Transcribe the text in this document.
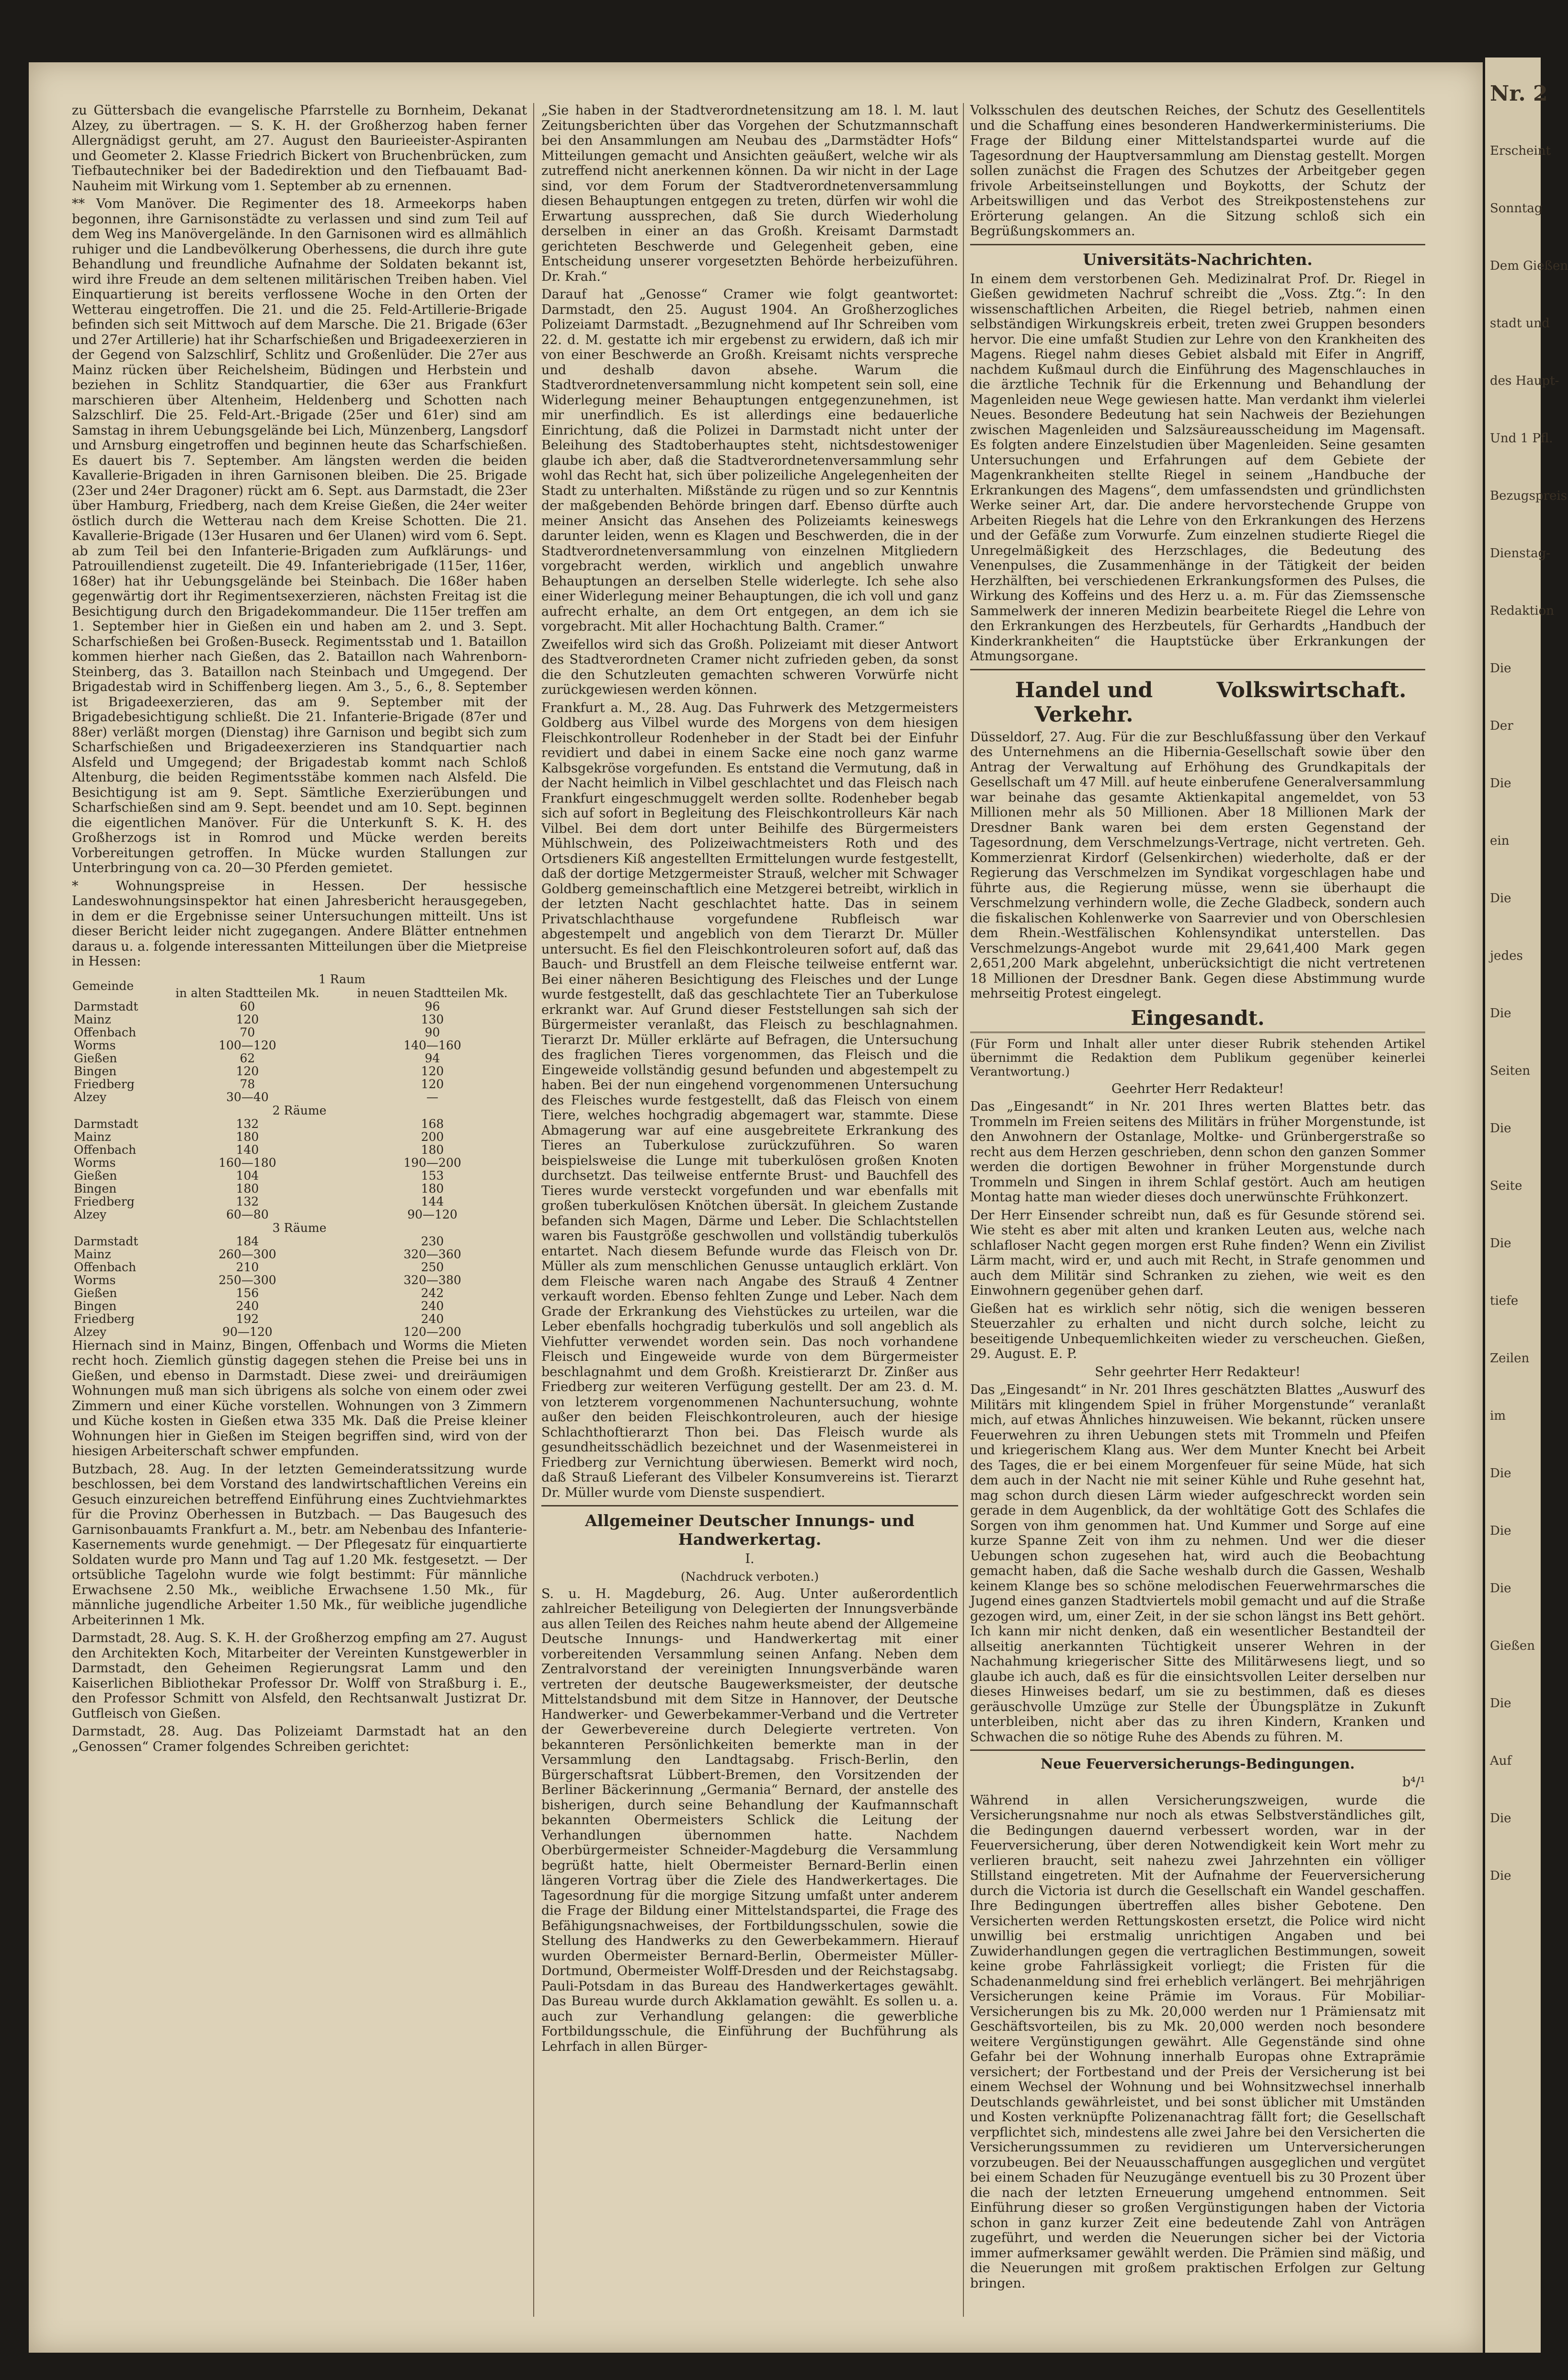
zu Güttersbach die evangelische Pfarrstelle zu Bornheim, Dekanat Alzey, zu übertragen. — S. K. H. der Großherzog haben ferner Allergnädigst geruht, am 27. August den Baurieeister-Aspiranten und Geometer 2. Klasse Friedrich Bickert von Bruchenbrücken, zum Tiefbautechniker bei der Badedirektion und den Tiefbauamt Bad-Nauheim mit Wirkung vom 1. September ab zu ernennen.

** Vom Manöver. Die Regimenter des 18. Armeekorps haben begonnen, ihre Garnisonstädte zu verlassen und sind zum Teil auf dem Weg ins Manövergelände. In den Garnisonen wird es allmählich ruhiger und die Landbevölkerung Oberhessens, die durch ihre gute Behandlung und freundliche Aufnahme der Soldaten bekannt ist, wird ihre Freude an dem seltenen militärischen Treiben haben. Viel Einquartierung ist bereits verflossene Woche in den Orten der Wetterau eingetroffen. Die 21. und die 25. Feld-Artillerie-Brigade befinden sich seit Mittwoch auf dem Marsche. Die 21. Brigade (63er und 27er Artillerie) hat ihr Scharfschießen und Brigadeexerzieren in der Gegend von Salzschlirf, Schlitz und Großenlüder. Die 27er aus Mainz rücken über Reichelsheim, Büdingen und Herbstein und beziehen in Schlitz Standquartier, die 63er aus Frankfurt marschieren über Altenheim, Heldenberg und Schotten nach Salzschlirf. Die 25. Feld-Art.-Brigade (25er und 61er) sind am Samstag in ihrem Uebungsgelände bei Lich, Münzenberg, Langsdorf und Arnsburg eingetroffen und beginnen heute das Scharfschießen. Es dauert bis 7. September. Am längsten werden die beiden Kavallerie-Brigaden in ihren Garnisonen bleiben. Die 25. Brigade (23er und 24er Dragoner) rückt am 6. Sept. aus Darmstadt, die 23er über Hamburg, Friedberg, nach dem Kreise Gießen, die 24er weiter östlich durch die Wetterau nach dem Kreise Schotten. Die 21. Kavallerie-Brigade (13er Husaren und 6er Ulanen) wird vom 6. Sept. ab zum Teil bei den Infanterie-Brigaden zum Aufklärungs- und Patrouillendienst zugeteilt. Die 49. Infanteriebrigade (115er, 116er, 168er) hat ihr Uebungsgelände bei Steinbach. Die 168er haben gegenwärtig dort ihr Regimentsexerzieren, nächsten Freitag ist die Besichtigung durch den Brigadekommandeur. Die 115er treffen am 1. September hier in Gießen ein und haben am 2. und 3. Sept. Scharfschießen bei Großen-Buseck. Regimentsstab und 1. Bataillon kommen hierher nach Gießen, das 2. Bataillon nach Wahrenborn-Steinberg, das 3. Bataillon nach Steinbach und Umgegend. Der Brigadestab wird in Schiffenberg liegen. Am 3., 5., 6., 8. September ist Brigadeexerzieren, das am 9. September mit der Brigadebesichtigung schließt. Die 21. Infanterie-Brigade (87er und 88er) verläßt morgen (Dienstag) ihre Garnison und begibt sich zum Scharfschießen und Brigadeexerzieren ins Standquartier nach Alsfeld und Umgegend; der Brigadestab kommt nach Schloß Altenburg, die beiden Regimentsstäbe kommen nach Alsfeld. Die Besichtigung ist am 9. Sept. Sämtliche Exerzierübungen und Scharfschießen sind am 9. Sept. beendet und am 10. Sept. beginnen die eigentlichen Manöver. Für die Unterkunft S. K. H. des Großherzogs ist in Romrod und Mücke werden bereits Vorbereitungen getroffen. In Mücke wurden Stallungen zur Unterbringung von ca. 20—30 Pferden gemietet.

* Wohnungspreise in Hessen. Der hessische Landeswohnungsinspektor hat einen Jahresbericht herausgegeben, in dem er die Ergebnisse seiner Untersuchungen mitteilt. Uns ist dieser Bericht leider nicht zugegangen. Andere Blätter entnehmen daraus u. a. folgende interessanten Mitteilungen über die Mietpreise in Hessen:

Gemeinde	1 Raum	
	in alten Stadtteilen Mk.	in neuen Stadtteilen Mk.
Darmstadt	60	96
Mainz	120	130
Offenbach	70	90
Worms	100—120	140—160
Gießen	62	94
Bingen	120	120
Friedberg	78	120
Alzey	30—40	—
2 Räume		
Darmstadt	132	168
Mainz	180	200
Offenbach	140	180
Worms	160—180	190—200
Gießen	104	153
Bingen	180	180
Friedberg	132	144
Alzey	60—80	90—120
3 Räume		
Darmstadt	184	230
Mainz	260—300	320—360
Offenbach	210	250
Worms	250—300	320—380
Gießen	156	242
Bingen	240	240
Friedberg	192	240
Alzey	90—120	120—200

Hiernach sind in Mainz, Bingen, Offenbach und Worms die Mieten recht hoch. Ziemlich günstig dagegen stehen die Preise bei uns in Gießen, und ebenso in Darmstadt. Diese zwei- und dreiräumigen Wohnungen muß man sich übrigens als solche von einem oder zwei Zimmern und einer Küche vorstellen. Wohnungen von 3 Zimmern und Küche kosten in Gießen etwa 335 Mk. Daß die Preise kleiner Wohnungen hier in Gießen im Steigen begriffen sind, wird von der hiesigen Arbeiterschaft schwer empfunden.

Butzbach, 28. Aug. In der letzten Gemeinderatssitzung wurde beschlossen, bei dem Vorstand des landwirtschaftlichen Vereins ein Gesuch einzureichen betreffend Einführung eines Zuchtviehmarktes für die Provinz Oberhessen in Butzbach. — Das Baugesuch des Garnisonbauamts Frankfurt a. M., betr. am Nebenbau des Infanterie-Kasernements wurde genehmigt. — Der Pflegesatz für einquartierte Soldaten wurde pro Mann und Tag auf 1.20 Mk. festgesetzt. — Der ortsübliche Tagelohn wurde wie folgt bestimmt: Für männliche Erwachsene 2.50 Mk., weibliche Erwachsene 1.50 Mk., für männliche jugendliche Arbeiter 1.50 Mk., für weibliche jugendliche Arbeiterinnen 1 Mk.

Darmstadt, 28. Aug. S. K. H. der Großherzog empfing am 27. August den Architekten Koch, Mitarbeiter der Vereinten Kunstgewerbler in Darmstadt, den Geheimen Regierungsrat Lamm und den Kaiserlichen Bibliothekar Professor Dr. Wolff von Straßburg i. E., den Professor Schmitt von Alsfeld, den Rechtsanwalt Justizrat Dr. Gutfleisch von Gießen.

Darmstadt, 28. Aug. Das Polizeiamt Darmstadt hat an den „Genossen“ Cramer folgendes Schreiben gerichtet:

„Sie haben in der Stadtverordnetensitzung am 18. l. M. laut Zeitungsberichten über das Vorgehen der Schutzmannschaft bei den Ansammlungen am Neubau des „Darmstädter Hofs“ Mitteilungen gemacht und Ansichten geäußert, welche wir als zutreffend nicht anerkennen können. Da wir nicht in der Lage sind, vor dem Forum der Stadtverordnetenversammlung diesen Behauptungen entgegen zu treten, dürfen wir wohl die Erwartung aussprechen, daß Sie durch Wiederholung derselben in einer an das Großh. Kreisamt Darmstadt gerichteten Beschwerde und Gelegenheit geben, eine Entscheidung unserer vorgesetzten Behörde herbeizuführen. Dr. Krah.“

Darauf hat „Genosse“ Cramer wie folgt geantwortet: Darmstadt, den 25. August 1904. An Großherzogliches Polizeiamt Darmstadt. „Bezugnehmend auf Ihr Schreiben vom 22. d. M. gestatte ich mir ergebenst zu erwidern, daß ich mir von einer Beschwerde an Großh. Kreisamt nichts verspreche und deshalb davon absehe. Warum die Stadtverordnetenversammlung nicht kompetent sein soll, eine Widerlegung meiner Behauptungen entgegenzunehmen, ist mir unerfindlich. Es ist allerdings eine bedauerliche Einrichtung, daß die Polizei in Darmstadt nicht unter der Beleihung des Stadtoberhauptes steht, nichtsdestoweniger glaube ich aber, daß die Stadtverordnetenversammlung sehr wohl das Recht hat, sich über polizeiliche Angelegenheiten der Stadt zu unterhalten. Mißstände zu rügen und so zur Kenntnis der maßgebenden Behörde bringen darf. Ebenso dürfte auch meiner Ansicht das Ansehen des Polizeiamts keineswegs darunter leiden, wenn es Klagen und Beschwerden, die in der Stadtverordnetenversammlung von einzelnen Mitgliedern vorgebracht werden, wirklich und angeblich unwahre Behauptungen an derselben Stelle widerlegte. Ich sehe also einer Widerlegung meiner Behauptungen, die ich voll und ganz aufrecht erhalte, an dem Ort entgegen, an dem ich sie vorgebracht. Mit aller Hochachtung Balth. Cramer.“

Zweifellos wird sich das Großh. Polizeiamt mit dieser Antwort des Stadtverordneten Cramer nicht zufrieden geben, da sonst die den Schutzleuten gemachten schweren Vorwürfe nicht zurückgewiesen werden können.

Frankfurt a. M., 28. Aug. Das Fuhrwerk des Metzgermeisters Goldberg aus Vilbel wurde des Morgens von dem hiesigen Fleischkontrolleur Rodenheber in der Stadt bei der Einfuhr revidiert und dabei in einem Sacke eine noch ganz warme Kalbsgekröse vorgefunden. Es entstand die Vermutung, daß in der Nacht heimlich in Vilbel geschlachtet und das Fleisch nach Frankfurt eingeschmuggelt werden sollte. Rodenheber begab sich auf sofort in Begleitung des Fleischkontrolleurs Kär nach Vilbel. Bei dem dort unter Beihilfe des Bürgermeisters Mühlschwein, des Polizeiwachtmeisters Roth und des Ortsdieners Kiß angestellten Ermittelungen wurde festgestellt, daß der dortige Metzgermeister Strauß, welcher mit Schwager Goldberg gemeinschaftlich eine Metzgerei betreibt, wirklich in der letzten Nacht geschlachtet hatte. Das in seinem Privatschlachthause vorgefundene Rubfleisch war abgestempelt und angeblich von dem Tierarzt Dr. Müller untersucht. Es fiel den Fleischkontroleuren sofort auf, daß das Bauch- und Brustfell an dem Fleische teilweise entfernt war. Bei einer näheren Besichtigung des Fleisches und der Lunge wurde festgestellt, daß das geschlachtete Tier an Tuberkulose erkrankt war. Auf Grund dieser Feststellungen sah sich der Bürgermeister veranlaßt, das Fleisch zu beschlagnahmen. Tierarzt Dr. Müller erklärte auf Befragen, die Untersuchung des fraglichen Tieres vorgenommen, das Fleisch und die Eingeweide vollständig gesund befunden und abgestempelt zu haben. Bei der nun eingehend vorgenommenen Untersuchung des Fleisches wurde festgestellt, daß das Fleisch von einem Tiere, welches hochgradig abgemagert war, stammte. Diese Abmagerung war auf eine ausgebreitete Erkrankung des Tieres an Tuberkulose zurückzuführen. So waren beispielsweise die Lunge mit tuberkulösen großen Knoten durchsetzt. Das teilweise entfernte Brust- und Bauchfell des Tieres wurde versteckt vorgefunden und war ebenfalls mit großen tuberkulösen Knötchen übersät. In gleichem Zustande befanden sich Magen, Därme und Leber. Die Schlachtstellen waren bis Faustgröße geschwollen und vollständig tuberkulös entartet. Nach diesem Befunde wurde das Fleisch von Dr. Müller als zum menschlichen Genusse untauglich erklärt. Von dem Fleische waren nach Angabe des Strauß 4 Zentner verkauft worden. Ebenso fehlten Zunge und Leber. Nach dem Grade der Erkrankung des Viehstückes zu urteilen, war die Leber ebenfalls hochgradig tuberkulös und soll angeblich als Viehfutter verwendet worden sein. Das noch vorhandene Fleisch und Eingeweide wurde von dem Bürgermeister beschlagnahmt und dem Großh. Kreistierarzt Dr. Zinßer aus Friedberg zur weiteren Verfügung gestellt. Der am 23. d. M. von letzterem vorgenommenen Nachuntersuchung, wohnte außer den beiden Fleischkontroleuren, auch der hiesige Schlachthoftierarzt Thon bei. Das Fleisch wurde als gesundheitsschädlich bezeichnet und der Wasenmeisterei in Friedberg zur Vernichtung überwiesen. Bemerkt wird noch, daß Strauß Lieferant des Vilbeler Konsumvereins ist. Tierarzt Dr. Müller wurde vom Dienste suspendiert.

Allgemeiner Deutscher Innungs- und Handwerkertag.

I.

(Nachdruck verboten.)

S. u. H. Magdeburg, 26. Aug. Unter außerordentlich zahlreicher Beteiligung von Delegierten der Innungsverbände aus allen Teilen des Reiches nahm heute abend der Allgemeine Deutsche Innungs- und Handwerkertag mit einer vorbereitenden Versammlung seinen Anfang. Neben dem Zentralvorstand der vereinigten Innungsverbände waren vertreten der deutsche Baugewerksmeister, der deutsche Mittelstandsbund mit dem Sitze in Hannover, der Deutsche Handwerker- und Gewerbekammer-Verband und die Vertreter der Gewerbevereine durch Delegierte vertreten. Von bekannteren Persönlichkeiten bemerkte man in der Versammlung den Landtagsabg. Frisch-Berlin, den Bürgerschaftsrat Lübbert-Bremen, den Vorsitzenden der Berliner Bäckerinnung „Germania“ Bernard, der anstelle des bisherigen, durch seine Behandlung der Kaufmannschaft bekannten Obermeisters Schlick die Leitung der Verhandlungen übernommen hatte. Nachdem Oberbürgermeister Schneider-Magdeburg die Versammlung begrüßt hatte, hielt Obermeister Bernard-Berlin einen längeren Vortrag über die Ziele des Handwerkertages. Die Tagesordnung für die morgige Sitzung umfaßt unter anderem die Frage der Bildung einer Mittelstandspartei, die Frage des Befähigungsnachweises, der Fortbildungsschulen, sowie die Stellung des Handwerks zu den Gewerbekammern. Hierauf wurden Obermeister Bernard-Berlin, Obermeister Müller-Dortmund, Obermeister Wolff-Dresden und der Reichstagsabg. Pauli-Potsdam in das Bureau des Handwerkertages gewählt. Das Bureau wurde durch Akklamation gewählt. Es sollen u. a. auch zur Verhandlung gelangen: die gewerbliche Fortbildungsschule, die Einführung der Buchführung als Lehrfach in allen Bürger-

Volksschulen des deutschen Reiches, der Schutz des Gesellentitels und die Schaffung eines besonderen Handwerkerministeriums. Die Frage der Bildung einer Mittelstandspartei wurde auf die Tagesordnung der Hauptversammlung am Dienstag gestellt. Morgen sollen zunächst die Fragen des Schutzes der Arbeitgeber gegen frivole Arbeitseinstellungen und Boykotts, der Schutz der Arbeitswilligen und das Verbot des Streikpostenstehens zur Erörterung gelangen. An die Sitzung schloß sich ein Begrüßungskommers an.

Universitäts-Nachrichten.

In einem dem verstorbenen Geh. Medizinalrat Prof. Dr. Riegel in Gießen gewidmeten Nachruf schreibt die „Voss. Ztg.“: In den wissenschaftlichen Arbeiten, die Riegel betrieb, nahmen einen selbständigen Wirkungskreis erbeit, treten zwei Gruppen besonders hervor. Die eine umfaßt Studien zur Lehre von den Krankheiten des Magens. Riegel nahm dieses Gebiet alsbald mit Eifer in Angriff, nachdem Kußmaul durch die Einführung des Magenschlauches in die ärztliche Technik für die Erkennung und Behandlung der Magenleiden neue Wege gewiesen hatte. Man verdankt ihm vielerlei Neues. Besondere Bedeutung hat sein Nachweis der Beziehungen zwischen Magenleiden und Salzsäureausscheidung im Magensaft. Es folgten andere Einzelstudien über Magenleiden. Seine gesamten Untersuchungen und Erfahrungen auf dem Gebiete der Magenkrankheiten stellte Riegel in seinem „Handbuche der Erkrankungen des Magens“, dem umfassendsten und gründlichsten Werke seiner Art, dar. Die andere hervorstechende Gruppe von Arbeiten Riegels hat die Lehre von den Erkrankungen des Herzens und der Gefäße zum Vorwurfe. Zum einzelnen studierte Riegel die Unregelmäßigkeit des Herzschlages, die Bedeutung des Venenpulses, die Zusammenhänge in der Tätigkeit der beiden Herzhälften, bei verschiedenen Erkrankungsformen des Pulses, die Wirkung des Koffeins und des Herz u. a. m. Für das Ziemssensche Sammelwerk der inneren Medizin bearbeitete Riegel die Lehre von den Erkrankungen des Herzbeutels, für Gerhardts „Handbuch der Kinderkrankheiten“ die Hauptstücke über Erkrankungen der Atmungsorgane.

Handel und Verkehr.
Volkswirtschaft.

Düsseldorf, 27. Aug. Für die zur Beschlußfassung über den Verkauf des Unternehmens an die Hibernia-Gesellschaft sowie über den Antrag der Verwaltung auf Erhöhung des Grundkapitals der Gesellschaft um 47 Mill. auf heute einberufene Generalversammlung war beinahe das gesamte Aktienkapital angemeldet, von 53 Millionen mehr als 50 Millionen. Aber 18 Millionen Mark der Dresdner Bank waren bei dem ersten Gegenstand der Tagesordnung, dem Verschmelzungs-Vertrage, nicht vertreten. Geh. Kommerzienrat Kirdorf (Gelsenkirchen) wiederholte, daß er der Regierung das Verschmelzen im Syndikat vorgeschlagen habe und führte aus, die Regierung müsse, wenn sie überhaupt die Verschmelzung verhindern wolle, die Zeche Gladbeck, sondern auch die fiskalischen Kohlenwerke von Saarrevier und von Oberschlesien dem Rhein.-Westfälischen Kohlensyndikat unterstellen. Das Verschmelzungs-Angebot wurde mit 29,641,400 Mark gegen 2,651,200 Mark abgelehnt, unberücksichtigt die nicht vertretenen 18 Millionen der Dresdner Bank. Gegen diese Abstimmung wurde mehrseitig Protest eingelegt.

Eingesandt.

(Für Form und Inhalt aller unter dieser Rubrik stehenden Artikel übernimmt die Redaktion dem Publikum gegenüber keinerlei Verantwortung.)

Geehrter Herr Redakteur!

Das „Eingesandt“ in Nr. 201 Ihres werten Blattes betr. das Trommeln im Freien seitens des Militärs in früher Morgenstunde, ist den Anwohnern der Ostanlage, Moltke- und Grünbergerstraße so recht aus dem Herzen geschrieben, denn schon den ganzen Sommer werden die dortigen Bewohner in früher Morgenstunde durch Trommeln und Singen in ihrem Schlaf gestört. Auch am heutigen Montag hatte man wieder dieses doch unerwünschte Frühkonzert.

Der Herr Einsender schreibt nun, daß es für Gesunde störend sei. Wie steht es aber mit alten und kranken Leuten aus, welche nach schlafloser Nacht gegen morgen erst Ruhe finden? Wenn ein Zivilist Lärm macht, wird er, und auch mit Recht, in Strafe genommen und auch dem Militär sind Schranken zu ziehen, wie weit es den Einwohnern gegenüber gehen darf.

Gießen hat es wirklich sehr nötig, sich die wenigen besseren Steuerzahler zu erhalten und nicht durch solche, leicht zu beseitigende Unbequemlichkeiten wieder zu verscheuchen. Gießen, 29. August. E. P.

Sehr geehrter Herr Redakteur!

Das „Eingesandt“ in Nr. 201 Ihres geschätzten Blattes „Auswurf des Militärs mit klingendem Spiel in früher Morgenstunde“ veranlaßt mich, auf etwas Ähnliches hinzuweisen. Wie bekannt, rücken unsere Feuerwehren zu ihren Uebungen stets mit Trommeln und Pfeifen und kriegerischem Klang aus. Wer dem Munter Knecht bei Arbeit des Tages, die er bei einem Morgenfeuer für seine Müde, hat sich dem auch in der Nacht nie mit seiner Kühle und Ruhe gesehnt hat, mag schon durch diesen Lärm wieder aufgeschreckt worden sein gerade in dem Augenblick, da der wohltätige Gott des Schlafes die Sorgen von ihm genommen hat. Und Kummer und Sorge auf eine kurze Spanne Zeit von ihm zu nehmen. Und wer die dieser Uebungen schon zugesehen hat, wird auch die Beobachtung gemacht haben, daß die Sache weshalb durch die Gassen, Weshalb keinem Klange bes so schöne melodischen Feuerwehrmarsches die Jugend eines ganzen Stadtviertels mobil gemacht und auf die Straße gezogen wird, um, einer Zeit, in der sie schon längst ins Bett gehört. Ich kann mir nicht denken, daß ein wesentlicher Bestandteil der allseitig anerkannten Tüchtigkeit unserer Wehren in der Nachahmung kriegerischer Sitte des Militärwesens liegt, und so glaube ich auch, daß es für die einsichtsvollen Leiter derselben nur dieses Hinweises bedarf, um sie zu bestimmen, daß es dieses geräuschvolle Umzüge zur Stelle der Übungsplätze in Zukunft unterbleiben, nicht aber das zu ihren Kindern, Kranken und Schwachen die so nötige Ruhe des Abends zu führen. M.

Neue Feuerversicherungs-Bedingungen.

b⁴/¹

Während in allen Versicherungszweigen, wurde die Versicherungsnahme nur noch als etwas Selbstverständliches gilt, die Bedingungen dauernd verbessert worden, war in der Feuerversicherung, über deren Notwendigkeit kein Wort mehr zu verlieren braucht, seit nahezu zwei Jahrzehnten ein völliger Stillstand eingetreten. Mit der Aufnahme der Feuerversicherung durch die Victoria ist durch die Gesellschaft ein Wandel geschaffen. Ihre Bedingungen übertreffen alles bisher Gebotene. Den Versicherten werden Rettungskosten ersetzt, die Police wird nicht unwillig bei erstmalig unrichtigen Angaben und bei Zuwiderhandlungen gegen die vertraglichen Bestimmungen, soweit keine grobe Fahrlässigkeit vorliegt; die Fristen für die Schadenanmeldung sind frei erheblich verlängert. Bei mehrjährigen Versicherungen keine Prämie im Voraus. Für Mobiliar-Versicherungen bis zu Mk. 20,000 werden nur 1 Prämiensatz mit Geschäftsvorteilen, bis zu Mk. 20,000 werden noch besondere weitere Vergünstigungen gewährt. Alle Gegenstände sind ohne Gefahr bei der Wohnung innerhalb Europas ohne Extraprämie versichert; der Fortbestand und der Preis der Versicherung ist bei einem Wechsel der Wohnung und bei Wohnsitzwechsel innerhalb Deutschlands gewährleistet, und bei sonst üblicher mit Umständen und Kosten verknüpfte Polizenanachtrag fällt fort; die Gesellschaft verpflichtet sich, mindestens alle zwei Jahre bei den Versicherten die Versicherungssummen zu revidieren um Unterversicherungen vorzubeugen. Bei der Neuausschaffungen ausgeglichen und vergütet bei einem Schaden für Neuzugänge eventuell bis zu 30 Prozent über die nach der letzten Erneuerung umgehend entnommen. Seit Einführung dieser so großen Vergünstigungen haben der Victoria schon in ganz kurzer Zeit eine bedeutende Zahl von Anträgen zugeführt, und werden die Neuerungen sicher bei der Victoria immer aufmerksamer gewählt werden. Die Prämien sind mäßig, und die Neuerungen mit großem praktischen Erfolgen zur Geltung bringen.

Nr. 2
Erscheint
Sonntag
Dem Gießen
stadt und
des Haupt-
Und 1 Pfl.
Bezugspreis
Dienstag-
Redaktion
Die
Der
Die
ein
Die
jedes
Die
Seiten
Die
Seite
Die
tiefe
Zeilen
im
Die
Die
Die
Gießen
Die
Auf
Die
Die
